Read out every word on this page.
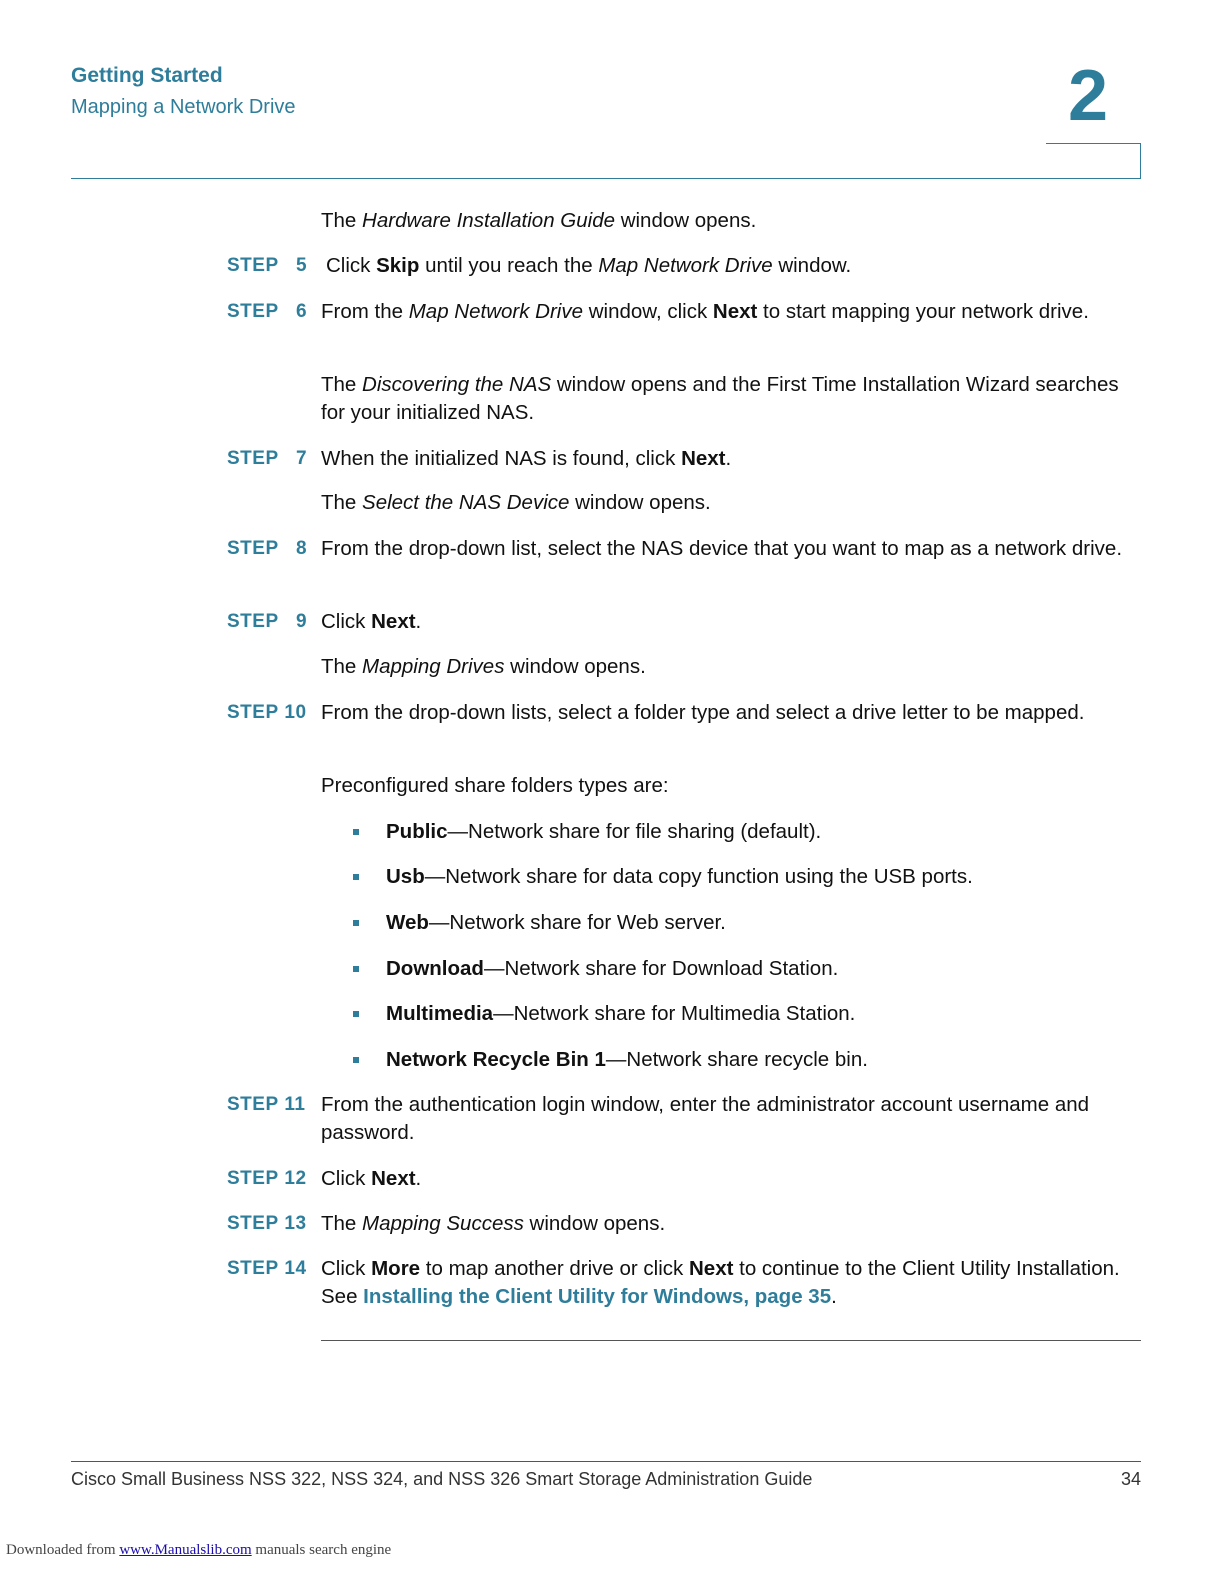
Getting Started
Mapping a Network Drive	2
The Hardware Installation Guide window opens.
STEP 5 Click Skip until you reach the Map Network Drive window.
STEP 6 From the Map Network Drive window, click Next to start mapping your network drive.
The Discovering the NAS window opens and the First Time Installation Wizard searches for your initialized NAS.
STEP 7 When the initialized NAS is found, click Next.
The Select the NAS Device window opens.
STEP 8 From the drop-down list, select the NAS device that you want to map as a network drive.
STEP 9 Click Next.
The Mapping Drives window opens.
STEP 10 From the drop-down lists, select a folder type and select a drive letter to be mapped.
Preconfigured share folders types are:
Public—Network share for file sharing (default).
Usb—Network share for data copy function using the USB ports.
Web—Network share for Web server.
Download—Network share for Download Station.
Multimedia—Network share for Multimedia Station.
Network Recycle Bin 1—Network share recycle bin.
STEP 11 From the authentication login window, enter the administrator account username and password.
STEP 12 Click Next.
STEP 13 The Mapping Success window opens.
STEP 14 Click More to map another drive or click Next to continue to the Client Utility Installation. See Installing the Client Utility for Windows, page 35.
Cisco Small Business NSS 322, NSS 324, and NSS 326 Smart Storage Administration Guide	34
Downloaded from www.Manualslib.com manuals search engine
